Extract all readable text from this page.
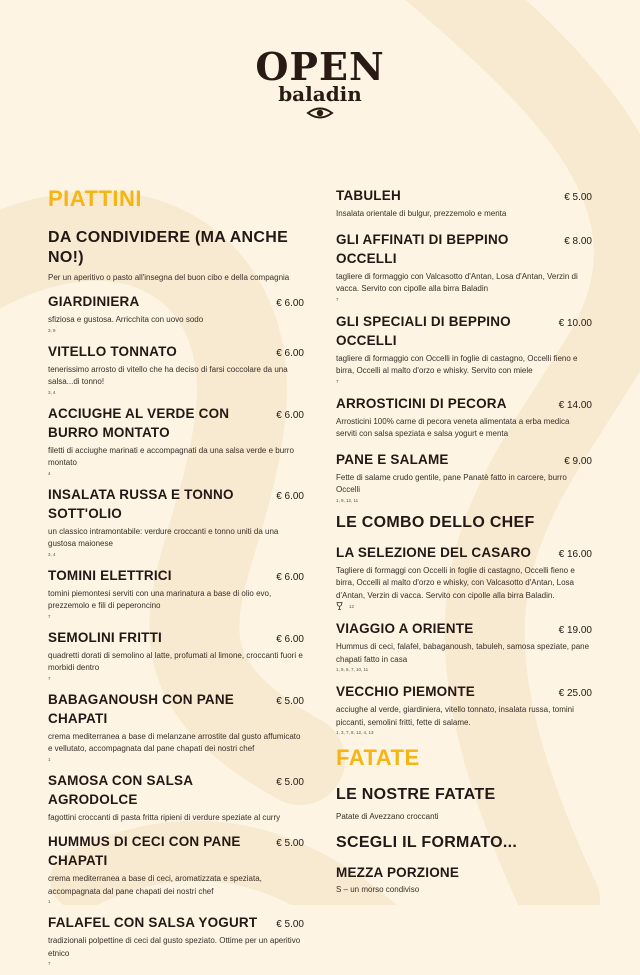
OPEN
baladin
PIATTINI
DA CONDIVIDERE (MA ANCHE NO!)
Per un aperitivo o pasto all'insegna del buon cibo e della compagnia
GIARDINIERA	€ 6.00
sfiziosa e gustosa. Arricchita con uovo sodo
3, 9
VITELLO TONNATO	€ 6.00
tenerissimo arrosto di vitello che ha deciso di farsi coccolare da una salsa...di tonno!
3, 4
ACCIUGHE AL VERDE CON BURRO MONTATO
€ 6.00
filetti di acciughe marinati e accompagnati da una salsa verde e burro montato
4
INSALATA RUSSA E TONNO SOTT'OLIO
€ 6.00
un classico intramontabile: verdure croccanti e tonno uniti da una gustosa maionese
3, 4
TOMINI ELETTRICI	€ 6.00
tomini piemontesi serviti con una marinatura a base di olio evo, prezzemolo e fili di peperoncino
7
SEMOLINI FRITTI	€ 6.00
quadretti dorati di semolino al latte, profumati al limone, croccanti fuori e morbidi dentro
7
BABAGANOUSH CON PANE CHAPATI
€ 5.00
crema mediterranea a base di melanzane arrostite dal gusto affumicato e vellutato, accompagnata dal pane chapati dei nostri chef
1
SAMOSA CON SALSA AGRODOLCE
€ 5.00
fagottini croccanti di pasta fritta ripieni di verdure speziate al curry
HUMMUS DI CECI CON PANE CHAPATI
€ 5.00
crema mediterranea a base di ceci, aromatizzata e speziata, accompagnata dal pane chapati dei nostri chef
1
FALAFEL CON SALSA YOGURT € 5.00
tradizionali polpettine di ceci dal gusto speziato. Ottime per un aperitivo etnico
7
TABULEH	€ 5.00
Insalata orientale di bulgur, prezzemolo e menta
GLI AFFINATI DI BEPPINO OCCELLI
€ 8.00
tagliere di formaggio con Valcasotto d'Antan, Losa d'Antan, Verzin di vacca. Servito con cipolle alla birra Baladin
7
GLI SPECIALI DI BEPPINO OCCELLI
€ 10.00
tagliere di formaggio con Occelli in foglie di castagno, Occelli fieno e birra, Occelli al malto d'orzo e whisky. Servito con miele
7
ARROSTICINI DI PECORA	€ 14.00
Arrosticini 100% carne di pecora veneta alimentata a erba medica serviti con salsa speziata e salsa yogurt e menta
PANE E SALAME	€ 9.00
Fette di salame crudo gentile, pane Panatè fatto in carcere, burro Occelli
1, 9, 12, 11
LE COMBO DELLO CHEF
LA SELEZIONE DEL CASARO	€ 16.00
Tagliere di formaggi con Occelli in foglie di castagno, Occelli fieno e birra, Occelli al malto d'orzo e whisky, con Valcasotto d'Antan, Losa d'Antan, Verzin di vacca. Servito con cipolle alla birra Baladin.
12
VIAGGIO A ORIENTE	€ 19.00
Hummus di ceci, falafel, babaganoush, tabuleh, samosa speziate, pane chapati fatto in casa
1, 9, 6, 7, 10, 11
VECCHIO PIEMONTE	€ 25.00
acciughe al verde, giardiniera, vitello tonnato, insalata russa, tomini piccanti, semolini fritti, fette di salame.
1, 3, 7, 8, 12, 4, 13
FATATE
LE NOSTRE FATATE
Patate di Avezzano croccanti
SCEGLI IL FORMATO...
MEZZA PORZIONE
S – un morso condiviso
